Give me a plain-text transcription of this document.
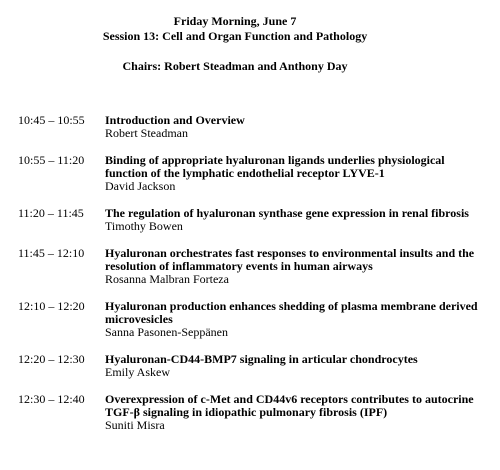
Friday Morning, June 7
Session 13: Cell and Organ Function and Pathology
Chairs: Robert Steadman and Anthony Day
10:45 – 10:55	Introduction and Overview
Robert Steadman
10:55 – 11:20	Binding of appropriate hyaluronan ligands underlies physiological function of the lymphatic endothelial receptor LYVE-1
David Jackson
11:20 – 11:45	The regulation of hyaluronan synthase gene expression in renal fibrosis
Timothy Bowen
11:45 – 12:10	Hyaluronan orchestrates fast responses to environmental insults and the resolution of inflammatory events in human airways
Rosanna Malbran Forteza
12:10 – 12:20	Hyaluronan production enhances shedding of plasma membrane derived microvesicles
Sanna Pasonen-Seppänen
12:20 – 12:30	Hyaluronan-CD44-BMP7 signaling in articular chondrocytes
Emily Askew
12:30 – 12:40	Overexpression of c-Met and CD44v6 receptors contributes to autocrine TGF-β signaling in idiopathic pulmonary fibrosis (IPF)
Suniti Misra
